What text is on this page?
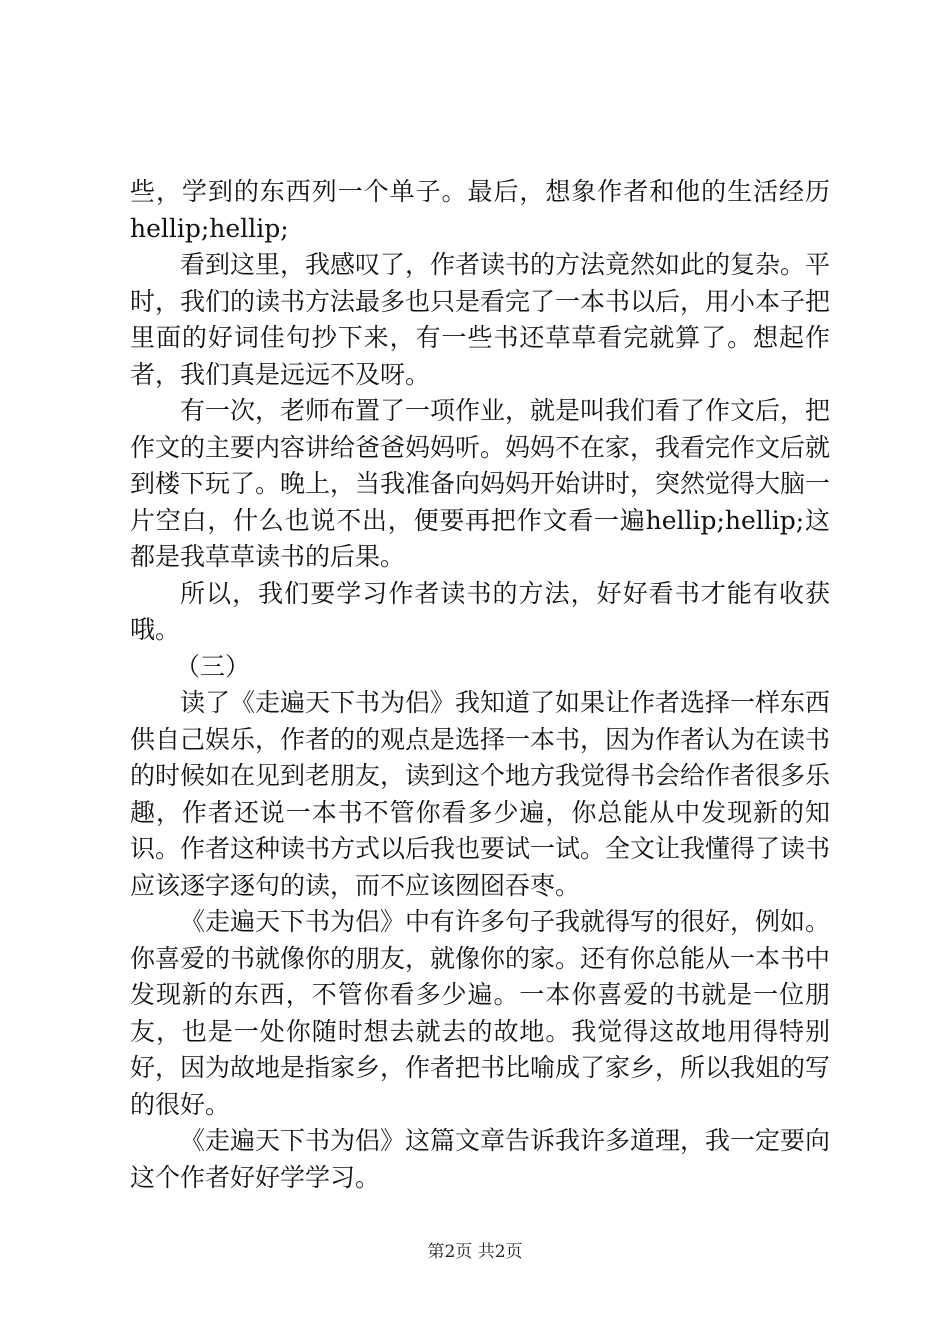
些，学到的东西列一个单子。最后，想象作者和他的生活经历hellip;hellip;

看到这里，我感叹了，作者读书的方法竟然如此的复杂。平时，我们的读书方法最多也只是看完了一本书以后，用小本子把里面的好词佳句抄下来，有一些书还草草看完就算了。想起作者，我们真是远远不及呀。

有一次，老师布置了一项作业，就是叫我们看了作文后，把作文的主要内容讲给爸爸妈妈听。妈妈不在家，我看完作文后就到楼下玩了。晚上，当我准备向妈妈开始讲时，突然觉得大脑一片空白，什么也说不出，便要再把作文看一遍hellip;hellip;这都是我草草读书的后果。

所以，我们要学习作者读书的方法，好好看书才能有收获哦。

（三）

读了《走遍天下书为侣》我知道了如果让作者选择一样东西供自己娱乐，作者的的观点是选择一本书，因为作者认为在读书的时候如在见到老朋友，读到这个地方我觉得书会给作者很多乐趣，作者还说一本书不管你看多少遍，你总能从中发现新的知识。作者这种读书方式以后我也要试一试。全文让我懂得了读书应该逐字逐句的读，而不应该囫囵吞枣。

《走遍天下书为侣》中有许多句子我就得写的很好，例如。你喜爱的书就像你的朋友，就像你的家。还有你总能从一本书中发现新的东西，不管你看多少遍。一本你喜爱的书就是一位朋友，也是一处你随时想去就去的故地。我觉得这故地用得特别好，因为故地是指家乡，作者把书比喻成了家乡，所以我姐的写的很好。

《走遍天下书为侣》这篇文章告诉我许多道理，我一定要向这个作者好好学学习。

第2页 共2页
